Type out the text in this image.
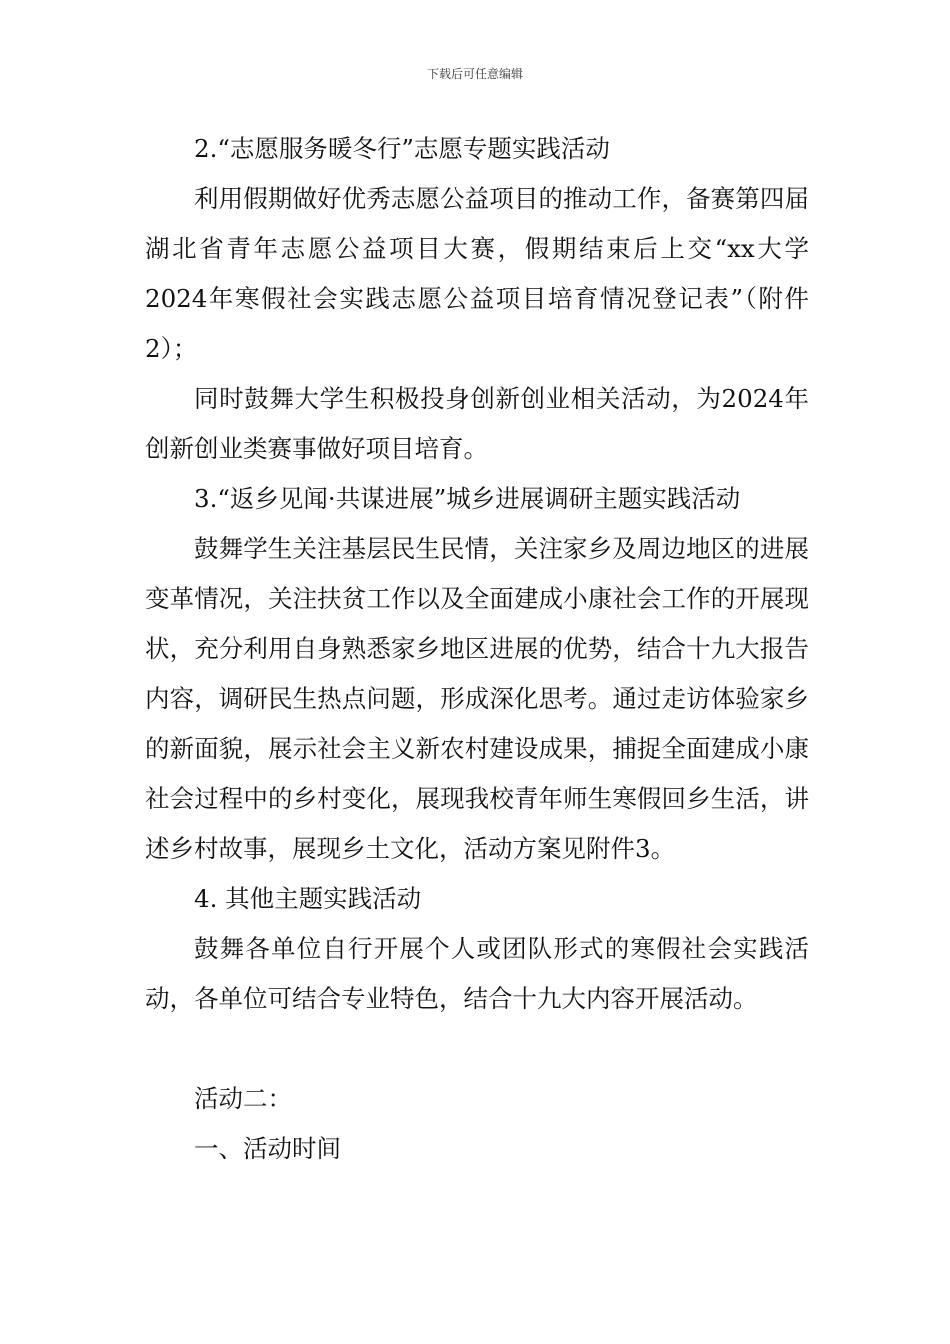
下载后可任意编辑

2.“志愿服务暖冬行”志愿专题实践活动

利用假期做好优秀志愿公益项目的推动工作，备赛第四届湖北省青年志愿公益项目大赛，假期结束后上交“xx大学2024年寒假社会实践志愿公益项目培育情况登记表”（附件2）；

同时鼓舞大学生积极投身创新创业相关活动，为2024年创新创业类赛事做好项目培育。

3.“返乡见闻·共谋进展”城乡进展调研主题实践活动

鼓舞学生关注基层民生民情，关注家乡及周边地区的进展变革情况，关注扶贫工作以及全面建成小康社会工作的开展现状，充分利用自身熟悉家乡地区进展的优势，结合十九大报告内容，调研民生热点问题，形成深化思考。通过走访体验家乡的新面貌，展示社会主义新农村建设成果，捕捉全面建成小康社会过程中的乡村变化，展现我校青年师生寒假回乡生活，讲述乡村故事，展现乡土文化，活动方案见附件3。

4. 其他主题实践活动

鼓舞各单位自行开展个人或团队形式的寒假社会实践活动，各单位可结合专业特色，结合十九大内容开展活动。

活动二：

一、活动时间
